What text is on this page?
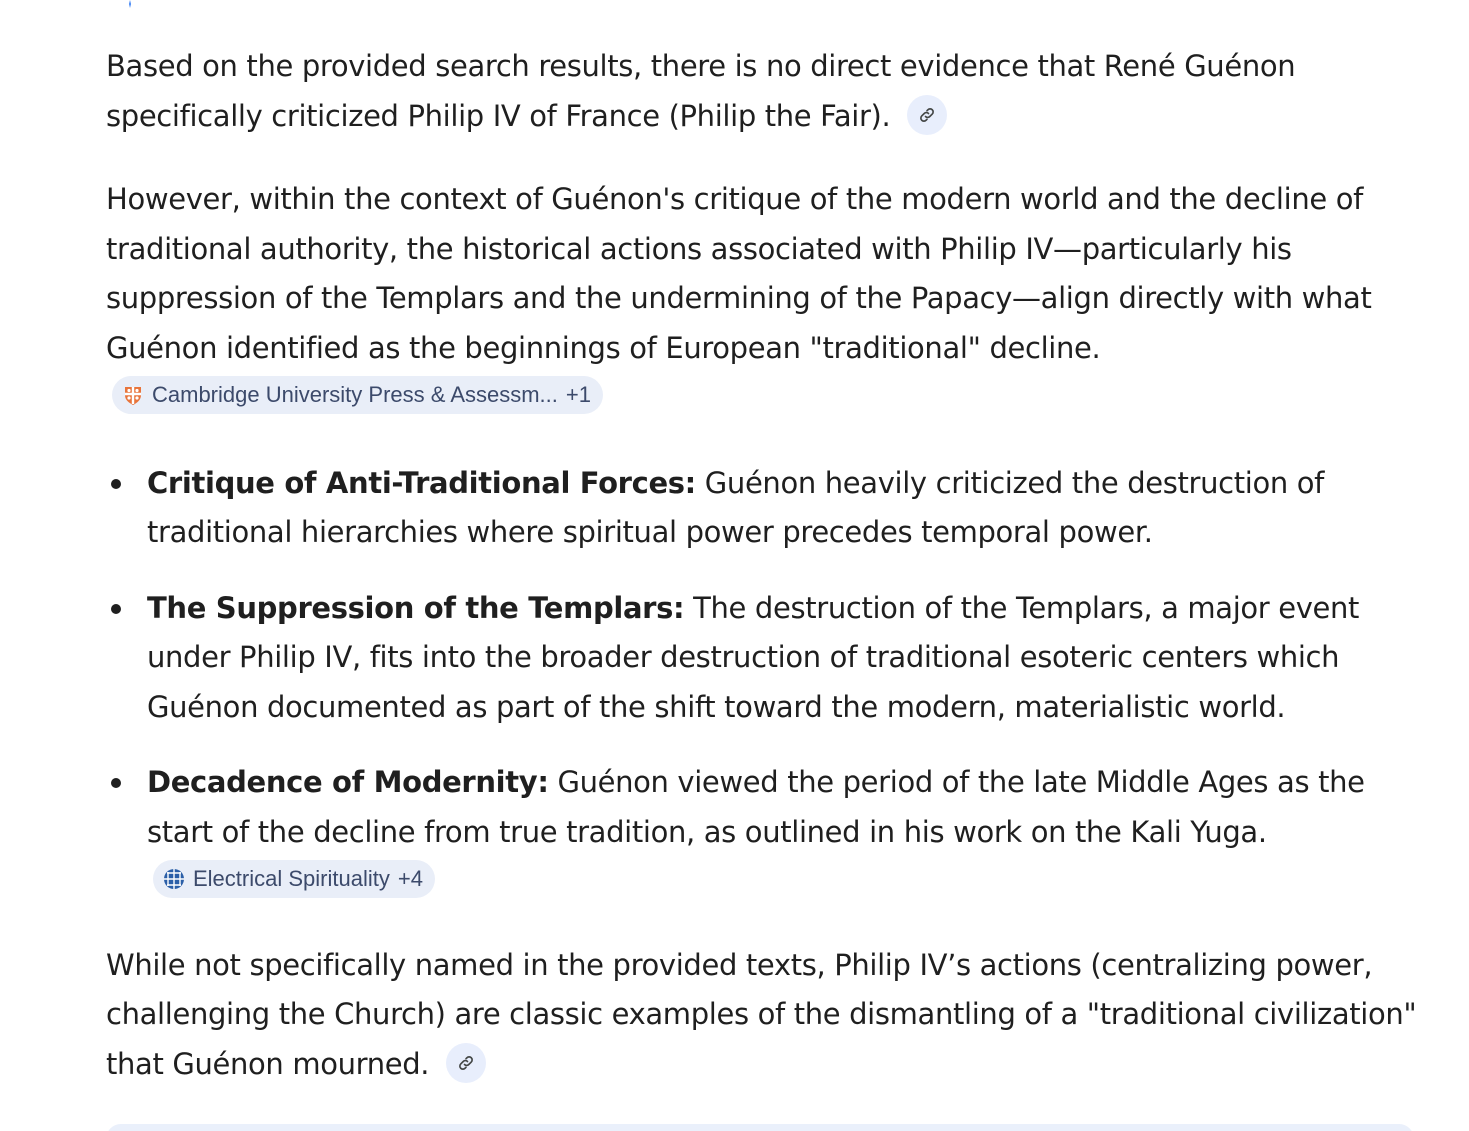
Based on the provided search results, there is no direct evidence that René Guénon specifically criticized Philip IV of France (Philip the Fair).

However, within the context of Guénon's critique of the modern world and the decline of traditional authority, the historical actions associated with Philip IV—particularly his suppression of the Templars and the undermining of the Papacy—align directly with what Guénon identified as the beginnings of European "traditional" decline.
Cambridge University Press & Assessm... +1

Critique of Anti-Traditional Forces: Guénon heavily criticized the destruction of traditional hierarchies where spiritual power precedes temporal power.
The Suppression of the Templars: The destruction of the Templars, a major event under Philip IV, fits into the broader destruction of traditional esoteric centers which Guénon documented as part of the shift toward the modern, materialistic world.
Decadence of Modernity: Guénon viewed the period of the late Middle Ages as the start of the decline from true tradition, as outlined in his work on the Kali Yuga.
Electrical Spirituality +4

While not specifically named in the provided texts, Philip IV’s actions (centralizing power, challenging the Church) are classic examples of the dismantling of a "traditional civilization" that Guénon mourned.
